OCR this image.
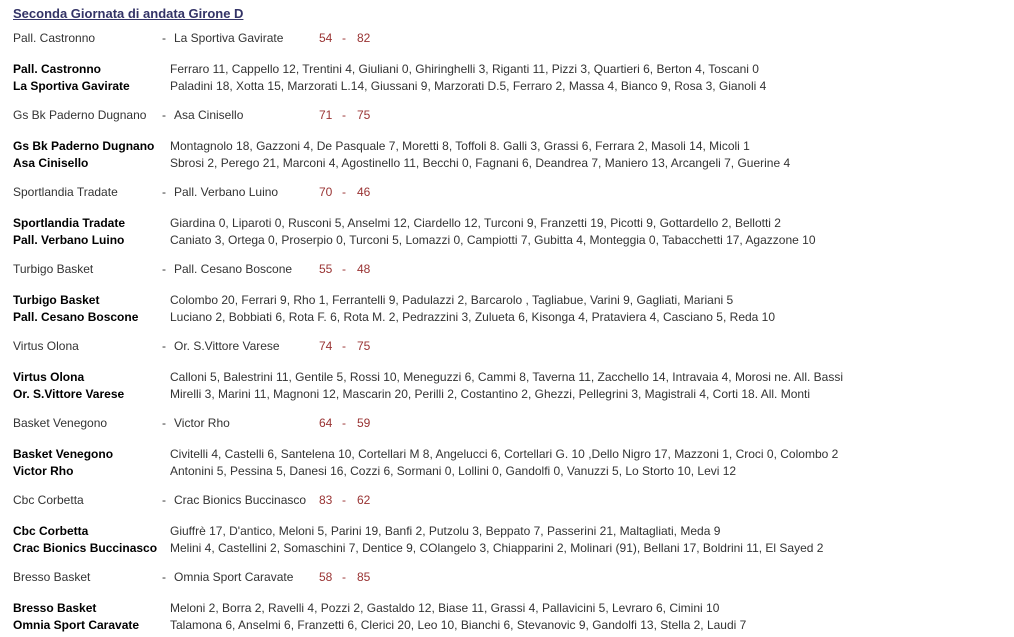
Seconda Giornata di andata Girone D
Pall. Castronno	- La Sportiva Gavirate	54 - 82
Pall. Castronno	Ferraro 11, Cappello 12, Trentini 4, Giuliani 0, Ghiringhelli 3, Riganti 11, Pizzi 3, Quartieri 6, Berton 4, Toscani 0
La Sportiva Gavirate	Paladini 18, Xotta 15, Marzorati L.14, Giussani 9, Marzorati D.5, Ferraro 2, Massa 4, Bianco 9, Rosa 3, Gianoli 4
Gs Bk Paderno Dugnano	- Asa Cinisello	71 - 75
Gs Bk Paderno Dugnano	Montagnolo 18, Gazzoni 4, De Pasquale 7, Moretti 8, Toffoli 8. Galli 3, Grassi 6, Ferrara 2, Masoli 14, Micoli 1
Asa Cinisello	Sbrosi 2, Perego 21, Marconi 4, Agostinello 11, Becchi 0, Fagnani 6, Deandrea 7, Maniero 13, Arcangeli 7, Guerine 4
Sportlandia Tradate	- Pall. Verbano Luino	70 - 46
Sportlandia Tradate	Giardina 0, Liparoti 0, Rusconi 5, Anselmi 12, Ciardello 12, Turconi 9, Franzetti 19, Picotti 9, Gottardello 2, Bellotti 2
Pall. Verbano Luino	Caniato 3, Ortega 0, Proserpio 0, Turconi 5, Lomazzi 0, Campiotti 7, Gubitta 4, Monteggia 0, Tabacchetti 17, Agazzone 10
Turbigo Basket	- Pall. Cesano Boscone	55 - 48
Turbigo Basket	Colombo 20, Ferrari 9, Rho 1, Ferrantelli 9, Padulazzi 2, Barcarolo , Tagliabue, Varini 9, Gagliati, Mariani 5
Pall. Cesano Boscone	Luciano 2, Bobbiati 6, Rota F. 6, Rota M. 2, Pedrazzini 3, Zulueta 6, Kisonga 4, Prataviera 4, Casciano 5, Reda 10
Virtus Olona	- Or. S.Vittore Varese	74 - 75
Virtus Olona	Calloni 5, Balestrini 11, Gentile 5, Rossi 10, Meneguzzi 6, Cammi 8, Taverna 11, Zacchello 14, Intravaia 4, Morosi ne. All. Bassi
Or. S.Vittore Varese	Mirelli 3, Marini 11, Magnoni 12, Mascarin 20, Perilli 2, Costantino 2, Ghezzi, Pellegrini 3, Magistrali 4, Corti 18. All. Monti
Basket Venegono	- Victor Rho	64 - 59
Basket Venegono	Civitelli 4, Castelli 6, Santelena 10, Cortellari M 8, Angelucci 6, Cortellari G. 10 ,Dello Nigro 17, Mazzoni 1, Croci 0, Colombo 2
Victor Rho	Antonini 5, Pessina 5, Danesi 16, Cozzi 6, Sormani 0, Lollini 0, Gandolfi 0, Vanuzzi 5, Lo Storto 10, Levi 12
Cbc Corbetta	- Crac Bionics Buccinasco	83 - 62
Cbc Corbetta	Giuffrè 17, D'antico, Meloni 5, Parini 19, Banfi 2, Putzolu 3, Beppato 7, Passerini 21, Maltagliati, Meda 9
Crac Bionics Buccinasco	Melini 4, Castellini 2, Somaschini 7, Dentice 9, COlangelo 3, Chiapparini 2, Molinari (91), Bellani 17, Boldrini 11, El Sayed 2
Bresso Basket	- Omnia Sport Caravate	58 - 85
Bresso Basket	Meloni 2, Borra 2, Ravelli 4, Pozzi 2, Gastaldo 12, Biase 11, Grassi 4, Pallavicini 5, Levraro 6, Cimini 10
Omnia Sport Caravate	Talamona 6, Anselmi 6, Franzetti 6, Clerici 20, Leo 10, Bianchi 6, Stevanovic 9, Gandolfi 13, Stella 2, Laudi 7
